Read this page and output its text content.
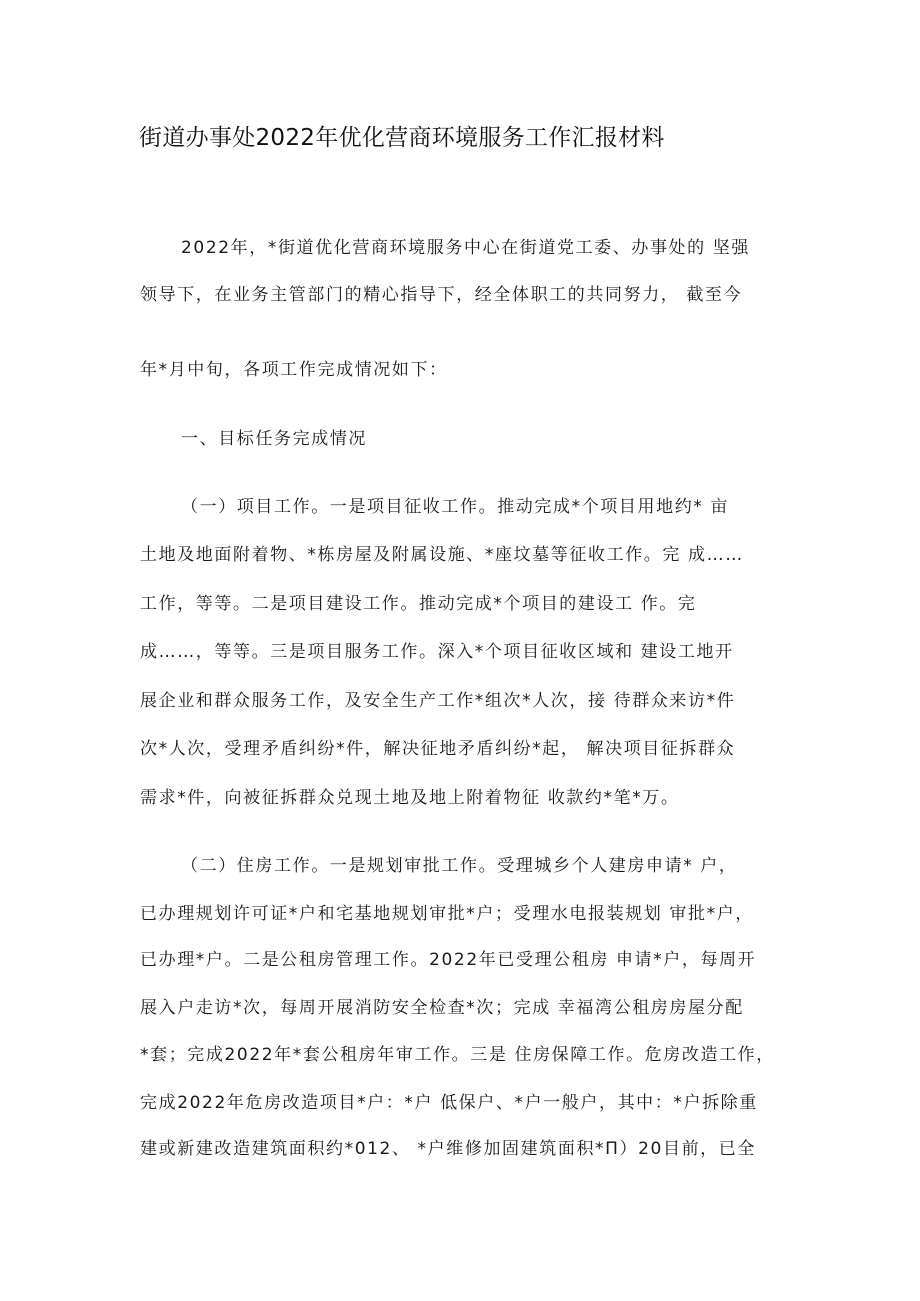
街道办事处2022年优化营商环境服务工作汇报材料
2022年，*街道优化营商环境服务中心在街道党工委、办事处的 坚强
领导下，在业务主管部门的精心指导下，经全体职工的共同努力， 截至今
年*月中旬，各项工作完成情况如下：
一、目标任务完成情况
（一）项目工作。一是项目征收工作。推动完成*个项目用地约* 亩
土地及地面附着物、*栋房屋及附属设施、*座坟墓等征收工作。完 成……
工作，等等。二是项目建设工作。推动完成*个项目的建设工 作。完
成……，等等。三是项目服务工作。深入*个项目征收区域和 建设工地开
展企业和群众服务工作，及安全生产工作*组次*人次，接 待群众来访*件
次*人次，受理矛盾纠纷*件，解决征地矛盾纠纷*起， 解决项目征拆群众
需求*件，向被征拆群众兑现土地及地上附着物征 收款约*笔*万。
（二）住房工作。一是规划审批工作。受理城乡个人建房申请* 户，
已办理规划许可证*户和宅基地规划审批*户；受理水电报装规划 审批*户，
已办理*户。二是公租房管理工作。2022年已受理公租房 申请*户，每周开
展入户走访*次，每周开展消防安全检查*次；完成 幸福湾公租房房屋分配
*套；完成2022年*套公租房年审工作。三是 住房保障工作。危房改造工作，
完成2022年危房改造项目*户：*户 低保户、*户一般户，其中：*户拆除重
建或新建改造建筑面积约*012、 *户维修加固建筑面积*П）20目前，已全
